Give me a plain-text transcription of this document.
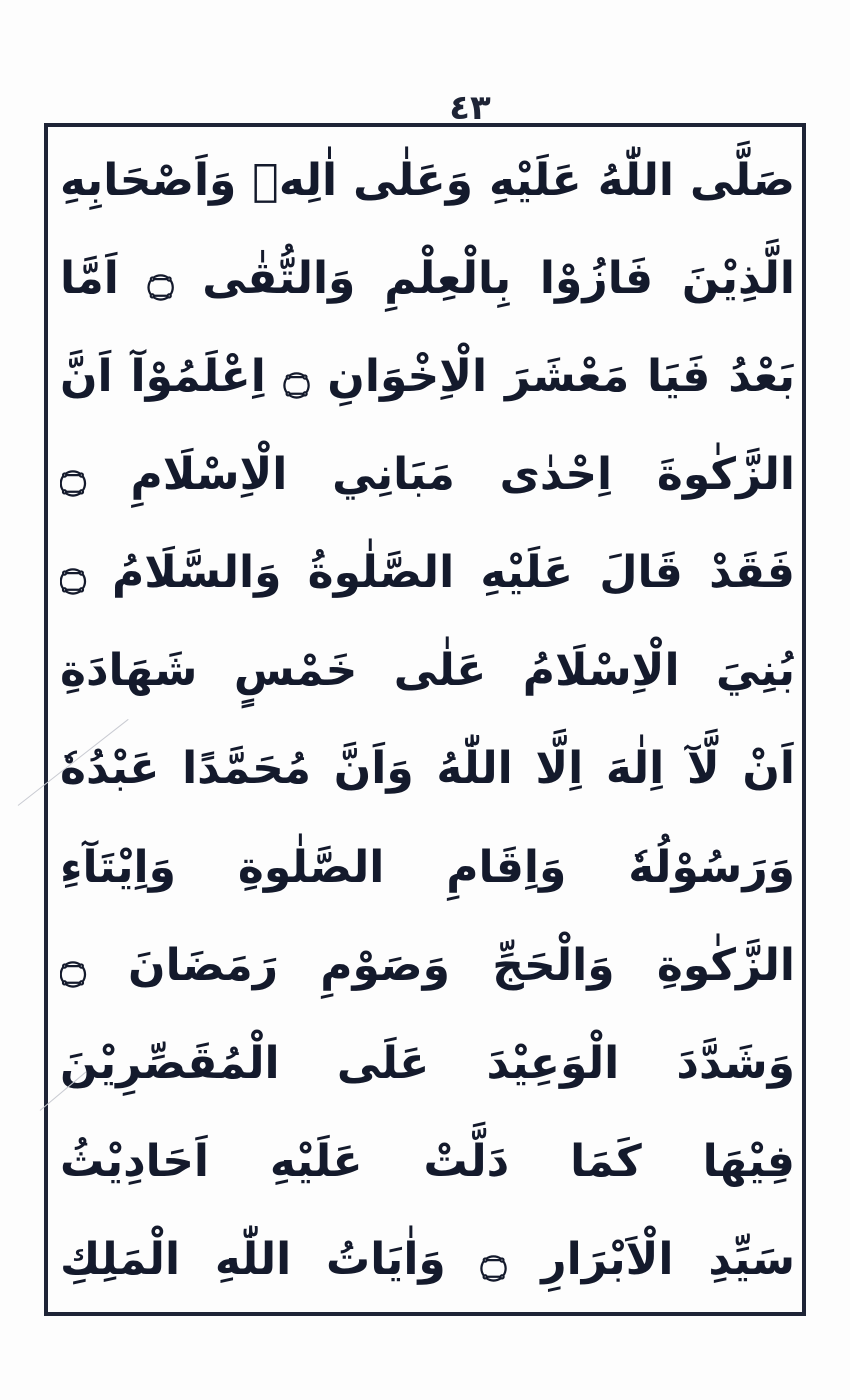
٤٣
صَلَّى اللّٰهُ عَلَيْهِ وَعَلٰى اٰلِهٖ وَاَصْحَابِهِ
الَّذِيْنَ فَازُوْا بِالْعِلْمِ وَالتُّقٰى ۝ اَمَّا
بَعْدُ فَيَا مَعْشَرَ الْاِخْوَانِ ۝ اِعْلَمُوْآ اَنَّ
الزَّكٰوةَ اِحْدٰى مَبَانِي الْاِسْلَامِ ۝
فَقَدْ قَالَ عَلَيْهِ الصَّلٰوةُ وَالسَّلَامُ ۝
بُنِيَ الْاِسْلَامُ عَلٰى خَمْسٍ شَهَادَةِ
اَنْ لَّآ اِلٰهَ اِلَّا اللّٰهُ وَاَنَّ مُحَمَّدًا عَبْدُهٗ
وَرَسُوْلُهٗ وَاِقَامِ الصَّلٰوةِ وَاِيْتَآءِ
الزَّكٰوةِ وَالْحَجِّ وَصَوْمِ رَمَضَانَ ۝
وَشَدَّدَ الْوَعِيْدَ عَلَى الْمُقَصِّرِيْنَ
فِيْهَا كَمَا دَلَّتْ عَلَيْهِ اَحَادِيْثُ
سَيِّدِ الْاَبْرَارِ ۝ وَاٰيَاتُ اللّٰهِ الْمَلِكِ
